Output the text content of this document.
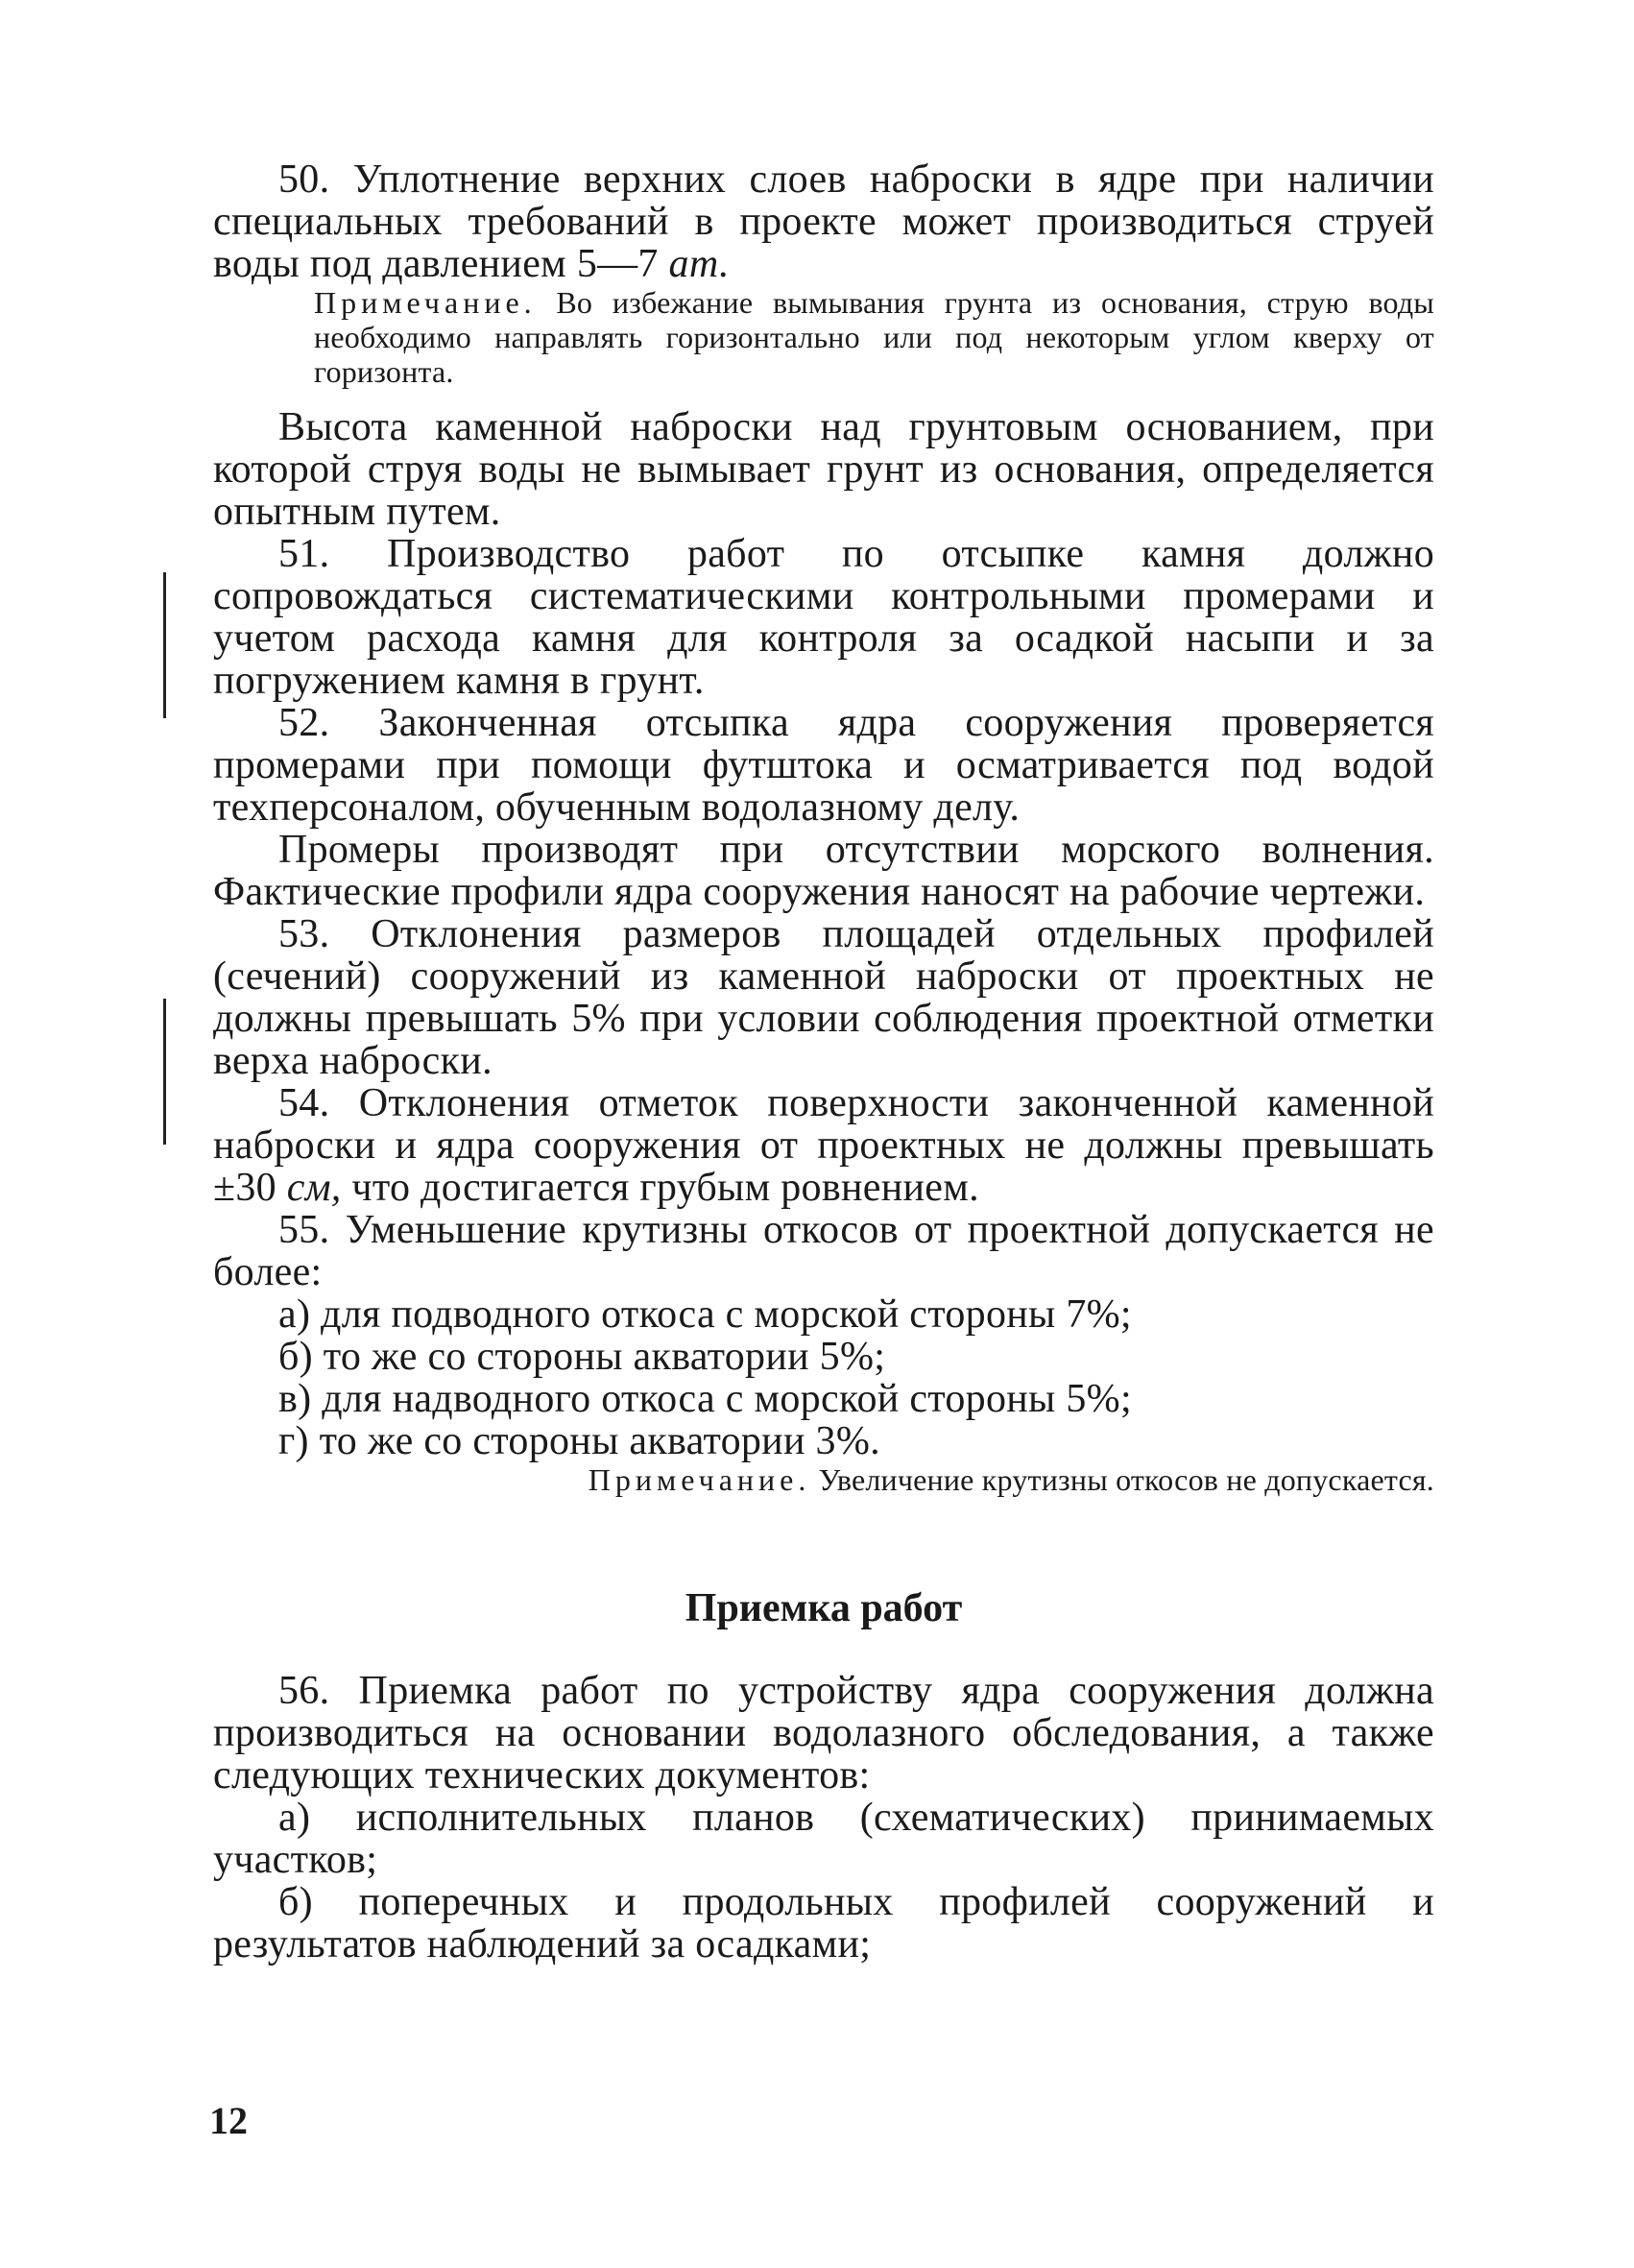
50. Уплотнение верхних слоев наброски в ядре при наличии специальных требований в проекте может производиться струей воды под давлением 5—7 ат.

Примечание. Во избежание вымывания грунта из основания, струю воды необходимо направлять горизонтально или под некоторым углом кверху от горизонта.

Высота каменной наброски над грунтовым основанием, при которой струя воды не вымывает грунт из основания, определяется опытным путем.

51. Производство работ по отсыпке камня должно сопровождаться систематическими контрольными промерами и учетом расхода камня для контроля за осадкой насыпи и за погружением камня в грунт.

52. Законченная отсыпка ядра сооружения проверяется промерами при помощи футштока и осматривается под водой техперсоналом, обученным водолазному делу.

Промеры производят при отсутствии морского волнения. Фактические профили ядра сооружения наносят на рабочие чертежи.

53. Отклонения размеров площадей отдельных профилей (сечений) сооружений из каменной наброски от проектных не должны превышать 5% при условии соблюдения проектной отметки верха наброски.

54. Отклонения отметок поверхности законченной каменной наброски и ядра сооружения от проектных не должны превышать ±30 см, что достигается грубым ровнением.

55. Уменьшение крутизны откосов от проектной допускается не более:

а) для подводного откоса с морской стороны 7%;

б) то же со стороны акватории 5%;

в) для надводного откоса с морской стороны 5%;

г) то же со стороны акватории 3%.

Примечание. Увеличение крутизны откосов не допускается.

Приемка работ

56. Приемка работ по устройству ядра сооружения должна производиться на основании водолазного обследования, а также следующих технических документов:

а) исполнительных планов (схематических) принимаемых участков;

б) поперечных и продольных профилей сооружений и результатов наблюдений за осадками;

12
